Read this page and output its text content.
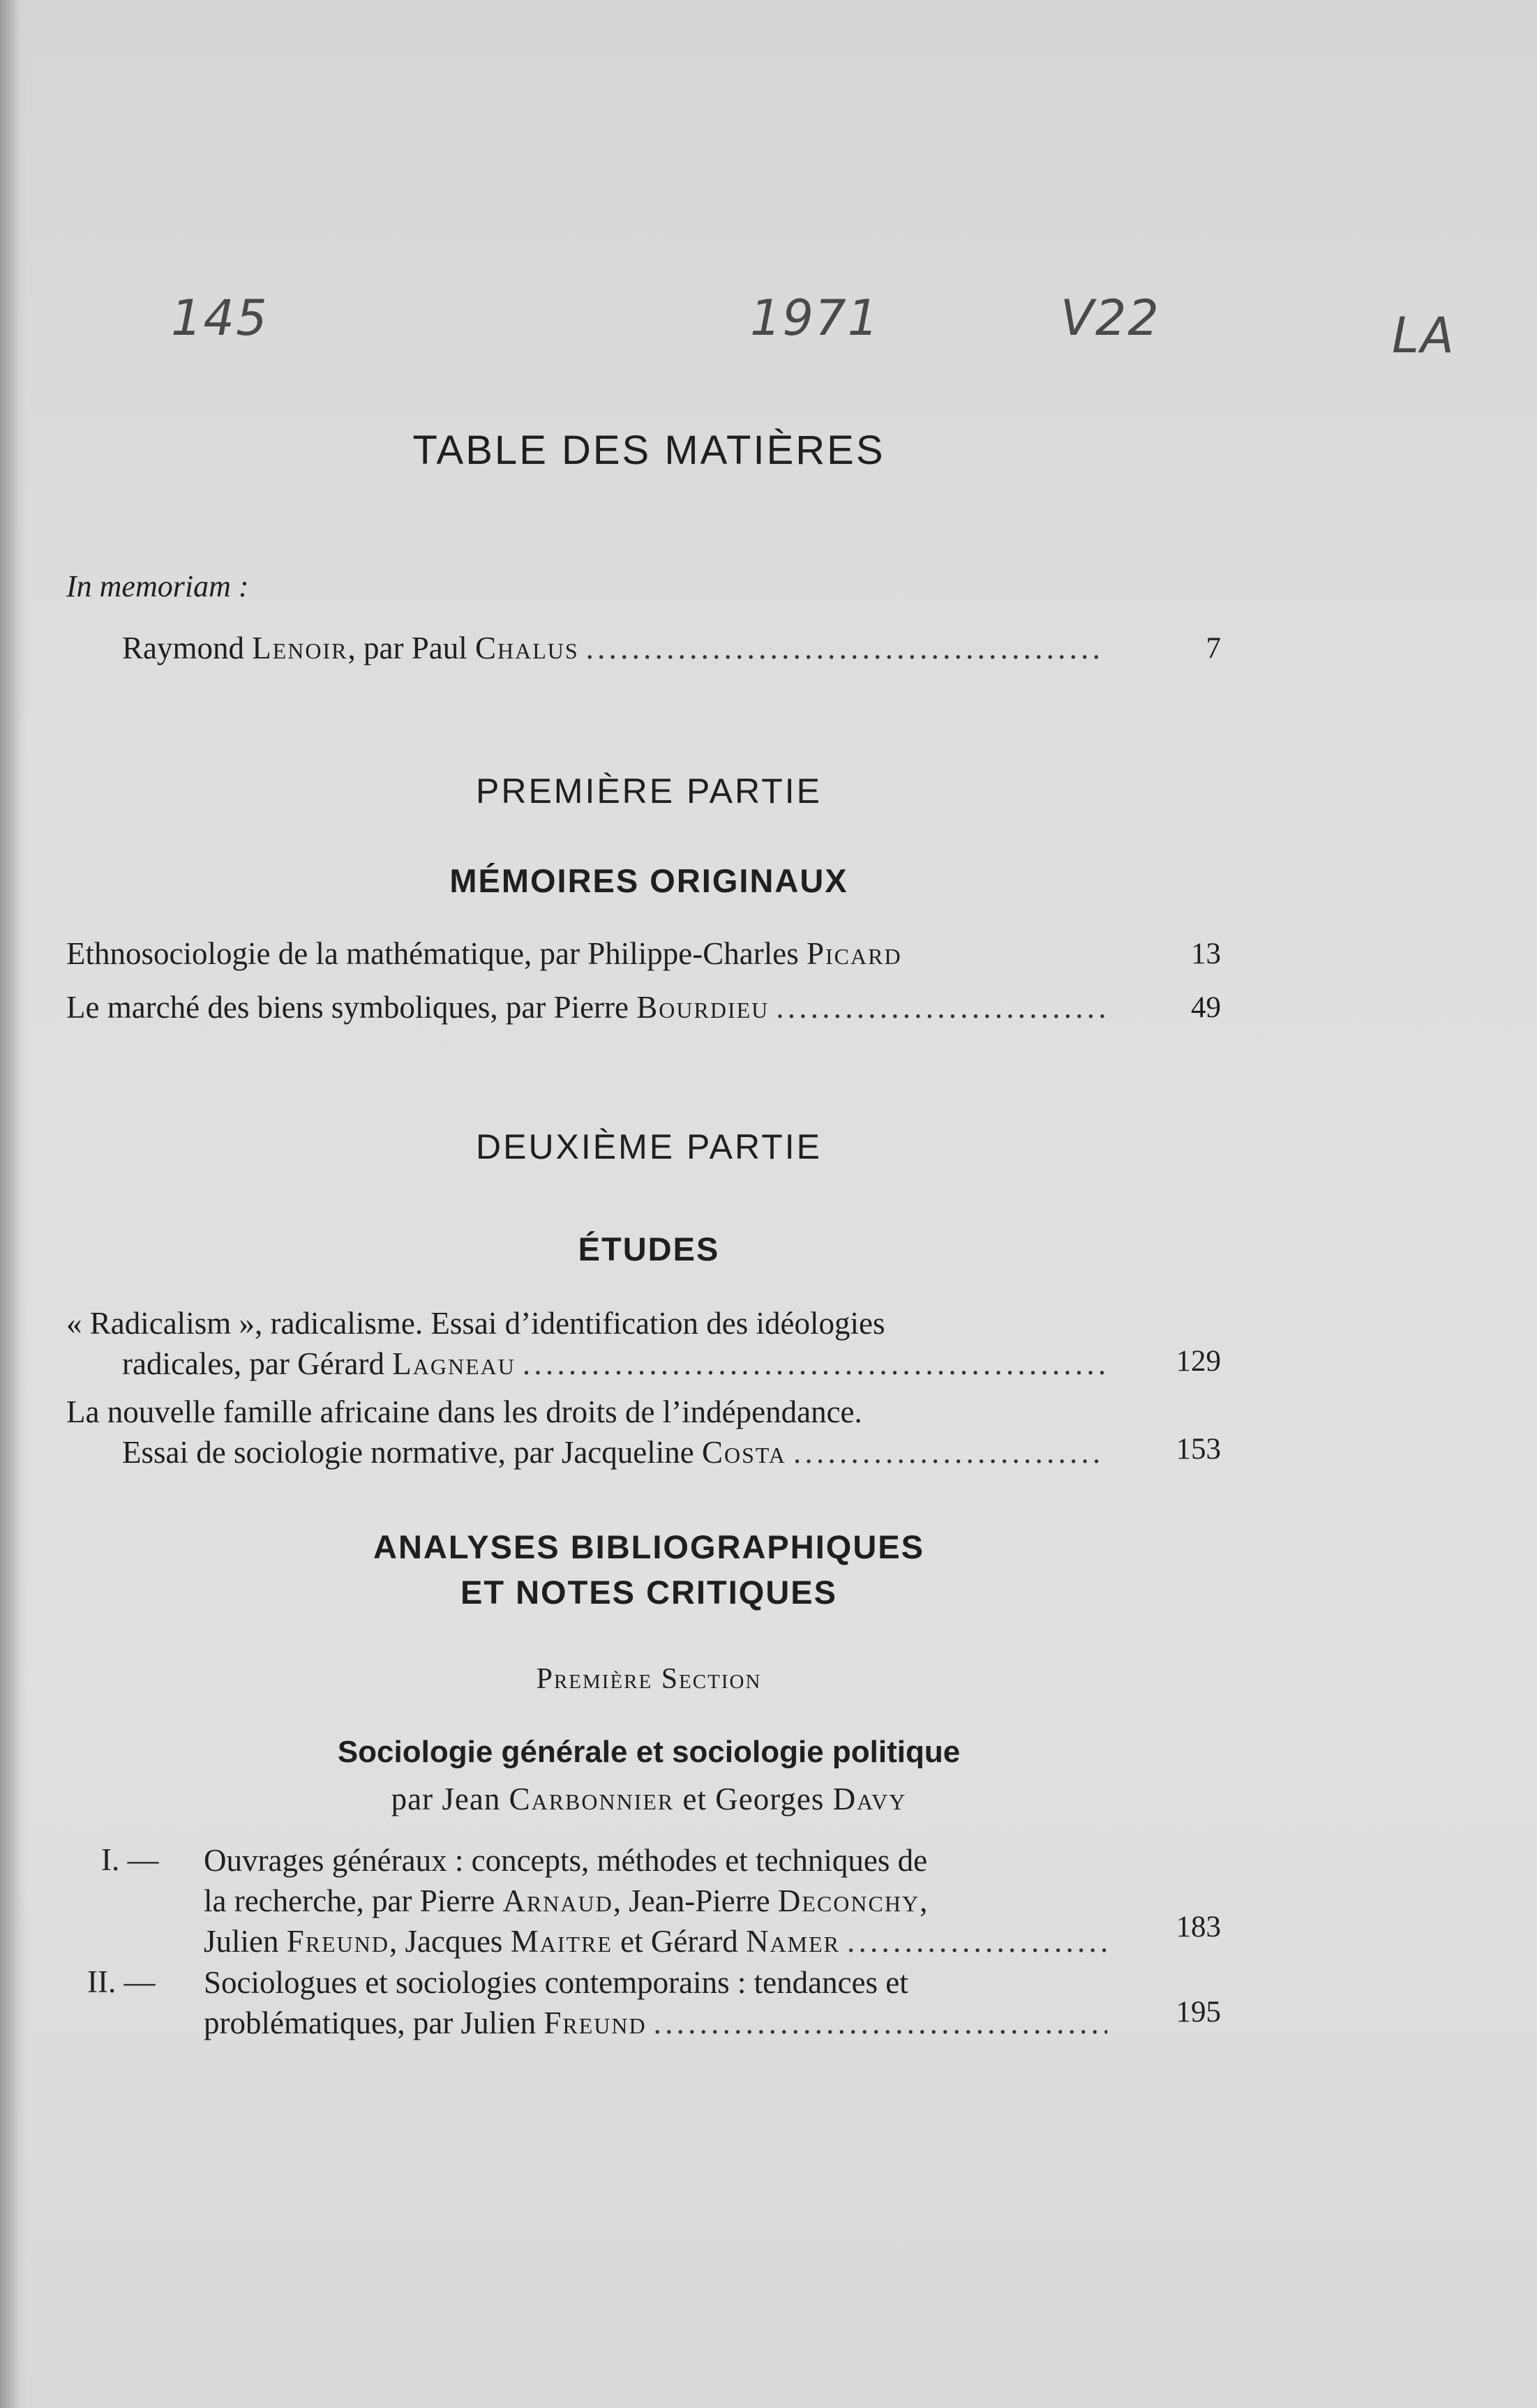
145	1971	V22	LA
TABLE DES MATIÈRES
In memoriam :
Raymond Lenoir, par Paul Chalus . . .	7
PREMIÈRE PARTIE
MÉMOIRES ORIGINAUX
Ethnosociologie de la mathématique, par Philippe-Charles Picard	13
Le marché des biens symboliques, par Pierre Bourdieu . . .	49
DEUXIÈME PARTIE
ÉTUDES
« Radicalism », radicalisme. Essai d’identification des idéologies
radicales, par Gérard Lagneau . . .	129
La nouvelle famille africaine dans les droits de l’indépendance.
Essai de sociologie normative, par Jacqueline Costa . . .	153
ANALYSES BIBLIOGRAPHIQUES
ET NOTES CRITIQUES
Première Section
Sociologie générale et sociologie politique
par Jean Carbonnier et Georges Davy
I. — Ouvrages généraux : concepts, méthodes et techniques de
la recherche, par Pierre Arnaud, Jean-Pierre Deconchy,
Julien Freund, Jacques Maitre et Gérard Namer . . .	183
II. — Sociologues et sociologies contemporains : tendances et
problématiques, par Julien Freund . . .	195
